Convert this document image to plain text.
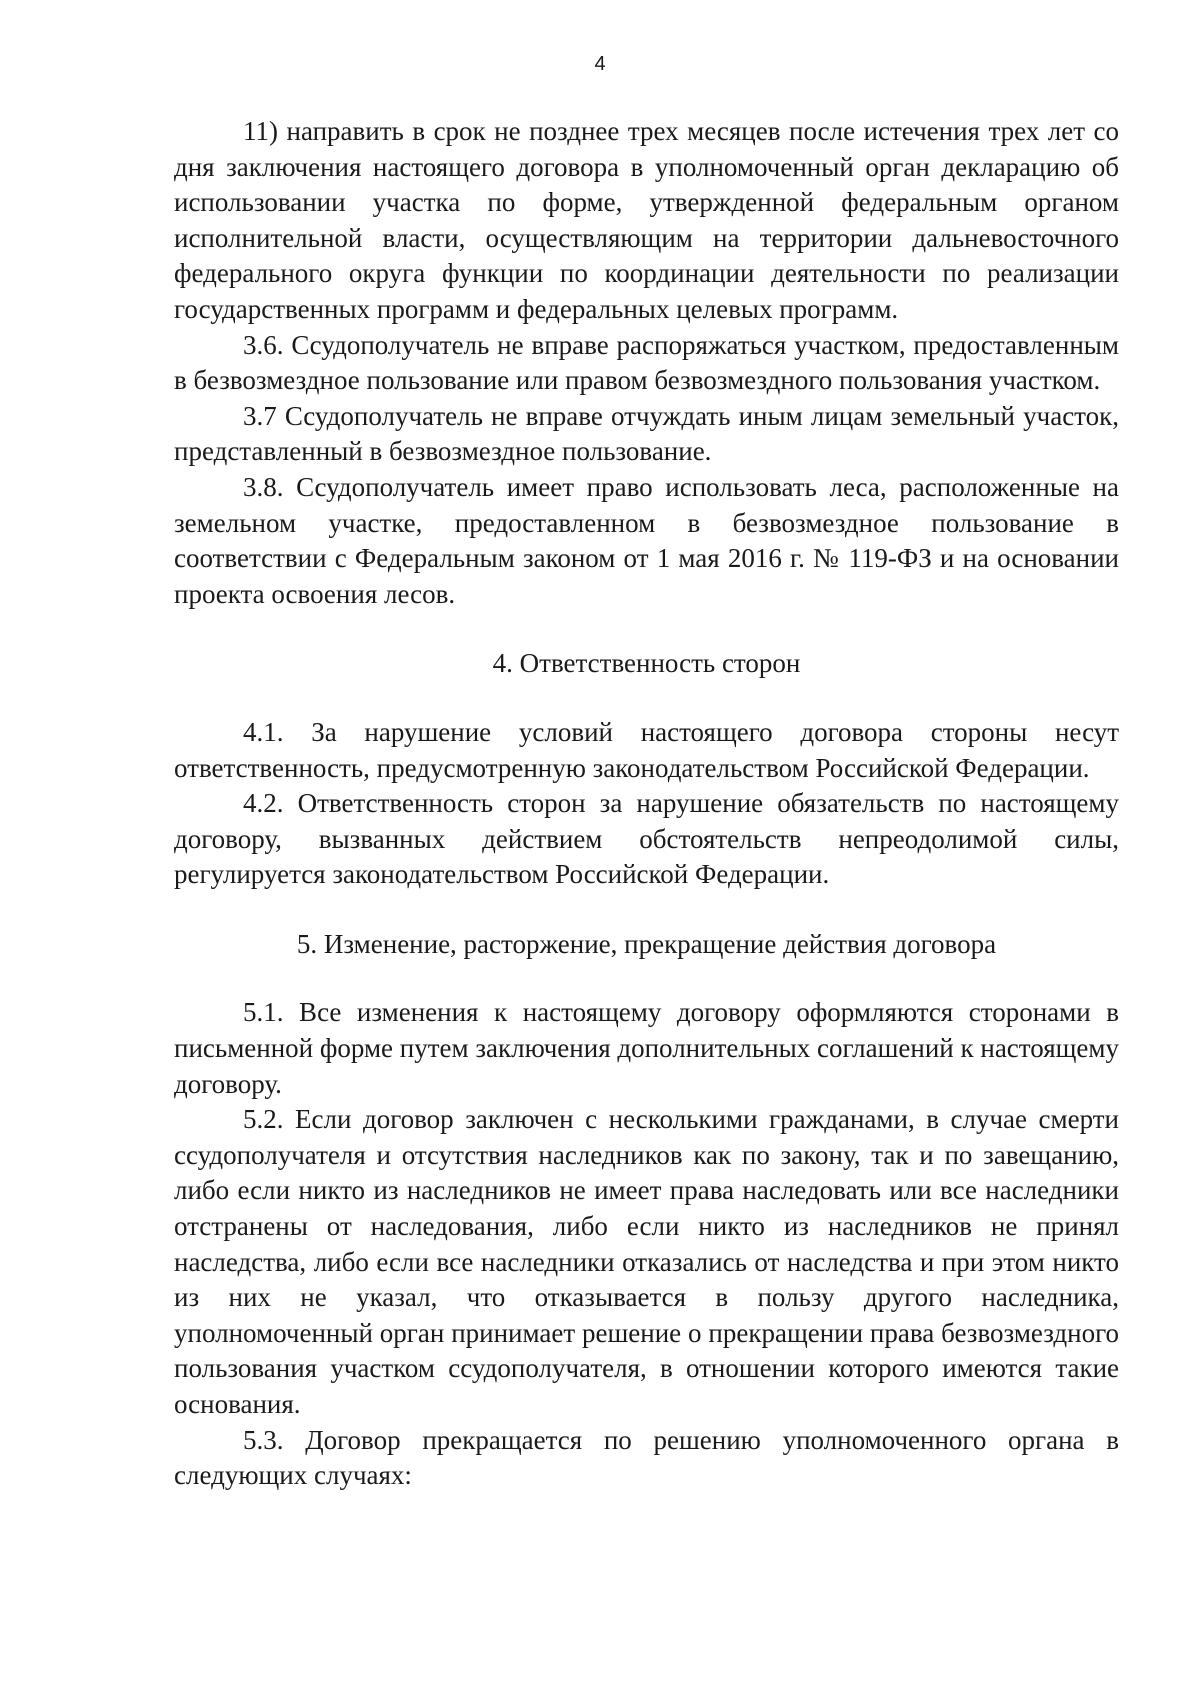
4

11) направить в срок не позднее трех месяцев после истечения трех лет со дня заключения настоящего договора в уполномоченный орган декларацию об использовании участка по форме, утвержденной федеральным органом исполнительной власти, осуществляющим на территории дальневосточного федерального округа функции по координации деятельности по реализации государственных программ и федеральных целевых программ.

3.6. Ссудополучатель не вправе распоряжаться участком, предоставленным в безвозмездное пользование или правом безвозмездного пользования участком.

3.7 Ссудополучатель не вправе отчуждать иным лицам земельный участок, представленный в безвозмездное пользование.

3.8. Ссудополучатель имеет право использовать леса, расположенные на земельном участке, предоставленном в безвозмездное пользование в соответствии с Федеральным законом от 1 мая 2016 г. № 119-ФЗ и на основании проекта освоения лесов.

4. Ответственность сторон

4.1. За нарушение условий настоящего договора стороны несут ответственность, предусмотренную законодательством Российской Федерации.

4.2. Ответственность сторон за нарушение обязательств по настоящему договору, вызванных действием обстоятельств непреодолимой силы, регулируется законодательством Российской Федерации.

5. Изменение, расторжение, прекращение действия договора

5.1. Все изменения к настоящему договору оформляются сторонами в письменной форме путем заключения дополнительных соглашений к настоящему договору.

5.2. Если договор заключен с несколькими гражданами, в случае смерти ссудополучателя и отсутствия наследников как по закону, так и по завещанию, либо если никто из наследников не имеет права наследовать или все наследники отстранены от наследования, либо если никто из наследников не принял наследства, либо если все наследники отказались от наследства и при этом никто из них не указал, что отказывается в пользу другого наследника, уполномоченный орган принимает решение о прекращении права безвозмездного пользования участком ссудополучателя, в отношении которого имеются такие основания.

5.3. Договор прекращается по решению уполномоченного органа в следующих случаях:
